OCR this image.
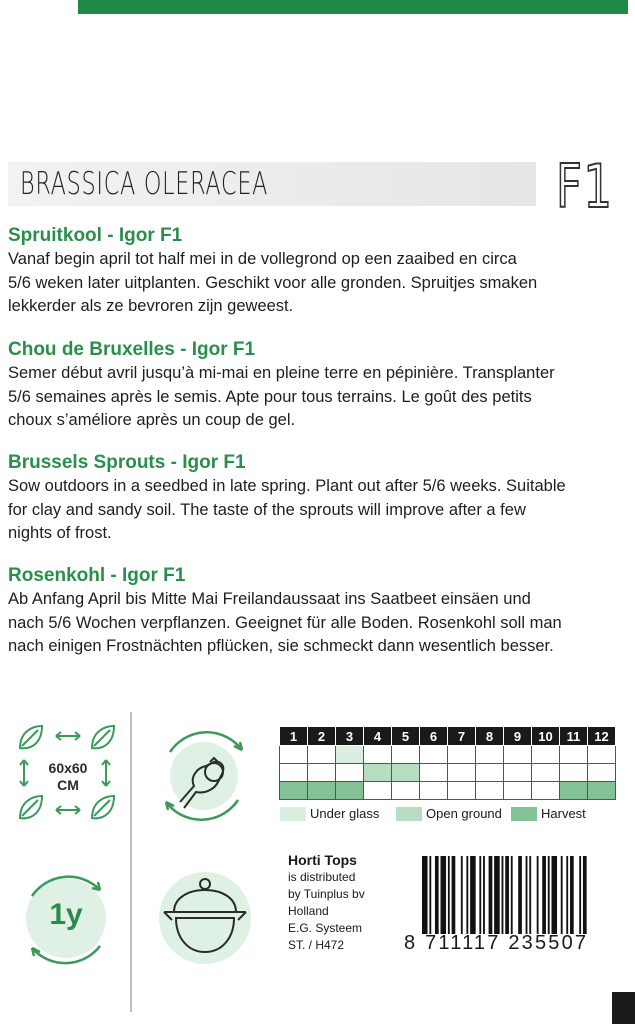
BRASSICA OLERACEA	F1
Spruitkool - Igor F1
Vanaf begin april tot half mei in de vollegrond op een zaaibed en circa
5/6 weken later uitplanten. Geschikt voor alle gronden. Spruitjes smaken
lekkerder als ze bevroren zijn geweest.
Chou de Bruxelles - Igor F1
Semer début avril jusqu’à mi-mai en pleine terre en pépinière. Transplanter
5/6 semaines après le semis. Apte pour tous terrains. Le goût des petits
choux s’améliore après un coup de gel.
Brussels Sprouts - Igor F1
Sow outdoors in a seedbed in late spring. Plant out after 5/6 weeks. Suitable
for clay and sandy soil. The taste of the sprouts will improve after a few
nights of frost.
Rosenkohl - Igor F1
Ab Anfang April bis Mitte Mai Freilandaussaat ins Saatbeet einsäen und
nach 5/6 Wochen verpflanzen. Geeignet für alle Boden. Rosenkohl soll man
nach einigen Frostnächten pflücken, sie schmeckt dann wesentlich besser.
60x60
CM
1y
1	2	3	4	5	6	7	8	9	10	11	12

Under glass	Open ground	Harvest
Horti Tops
is distributed
by Tuinplus bv
Holland
E.G. Systeem
ST. / H472	8 711117 235507
